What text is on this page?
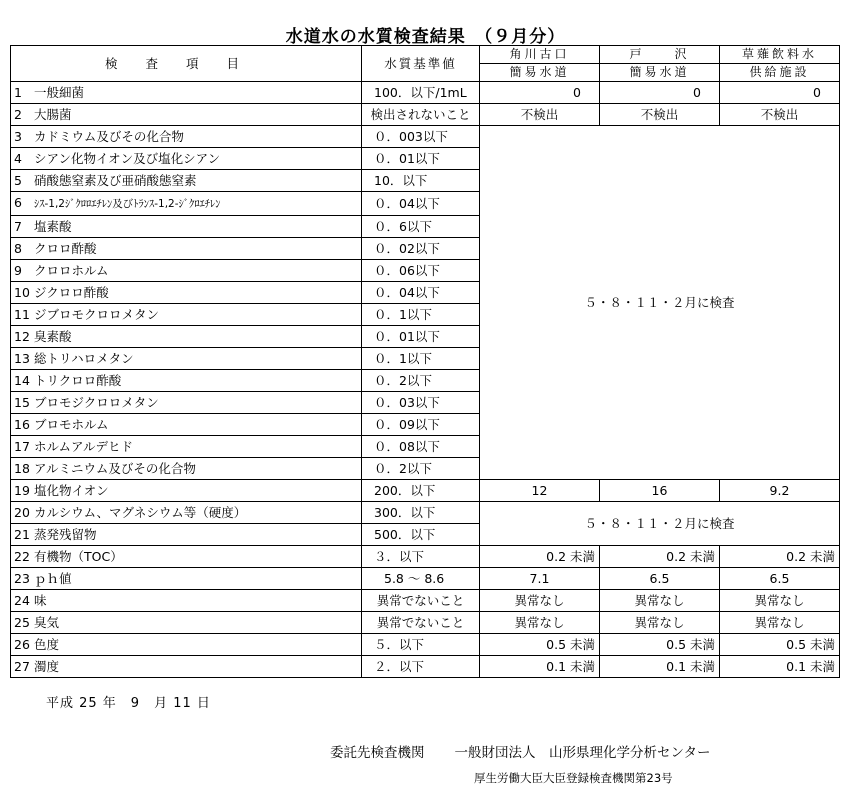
水道水の水質検査結果　（９月分）
検査項目	水質基準値	角川古口	戸　　沢	草薙飲料水
		簡易水道	簡易水道	供給施設
1 一般細菌	100．以下/1mL	0	0	0
2 大腸菌	検出されないこと	不検出	不検出	不検出
3 カドミウム及びその化合物	０．003以下	５・８・１１・２月に検査		
4 シアン化物イオン及び塩化シアン	０．01以下			
5 硝酸態窒素及び亜硝酸態窒素	10．以下			
6 ｼｽ-1,2ｼﾞｸﾛﾛｴﾁﾚﾝ及びﾄﾗﾝｽ-1,2-ｼﾞｸﾛｴﾁﾚﾝ	０．04以下			
7 塩素酸	０．6以下			
8 クロロ酢酸	０．02以下			
9 クロロホルム	０．06以下			
10 ジクロロ酢酸	０．04以下			
11 ジブロモクロロメタン	０．1以下			
12 臭素酸	０．01以下			
13 総トリハロメタン	０．1以下			
14 トリクロロ酢酸	０．2以下			
15 ブロモジクロロメタン	０．03以下			
16 ブロモホルム	０．09以下			
17 ホルムアルデヒド	０．08以下			
18 アルミニウム及びその化合物	０．2以下			
19 塩化物イオン	200．以下	12	16	9.2
20 カルシウム、マグネシウム等（硬度）	300．以下	５・８・１１・２月に検査		
21 蒸発残留物	500．以下			
22 有機物（TOC）	３．以下	0.2 未満	0.2 未満	0.2 未満
23 ｐｈ値	5.8 ～ 8.6	7.1	6.5	6.5
24 味	異常でないこと	異常なし	異常なし	異常なし
25 臭気	異常でないこと	異常なし	異常なし	異常なし
26 色度	５．以下	0.5 未満	0.5 未満	0.5 未満
27 濁度	２．以下	0.1 未満	0.1 未満	0.1 未満
平成 25 年　9　月 11 日
委託先検査機関 一般財団法人　山形県理化学分析センター
厚生労働大臣大臣登録検査機関第23号
